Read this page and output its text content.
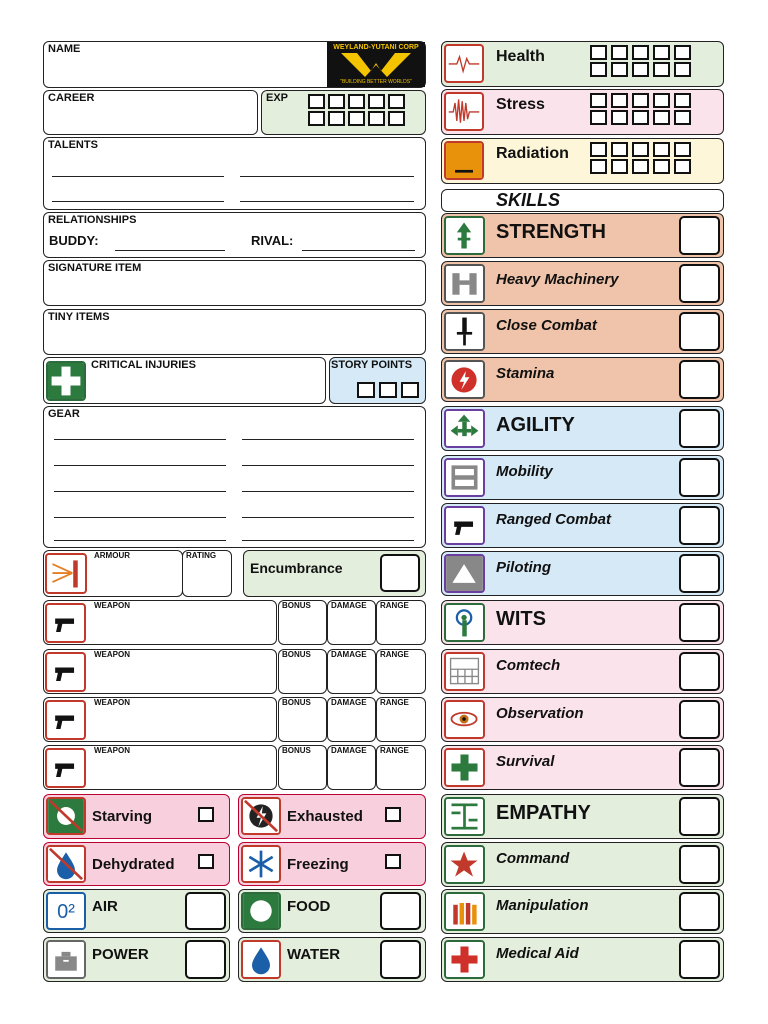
NAME	WEYLAND-YUTANI CORP
"BUILDING BETTER WORLDS"
CAREER	EXP
TALENTS
RELATIONSHIPS
BUDDY:	RIVAL:
SIGNATURE ITEM
TINY ITEMS
CRITICAL INJURIES	STORY POINTS
GEAR
ARMOUR	RATING
Encumbrance
WEAPON	BONUS	DAMAGE RANGE
WEAPON	BONUS	DAMAGE RANGE
WEAPON	BONUS	DAMAGE RANGE
WEAPON	BONUS	DAMAGE RANGE
Starving	Exhausted
Dehydrated	Freezing
0²	AIR	FOOD
POWER	WATER
Health
Stress
Radiation
SKILLS
STRENGTH
Heavy Machinery
Close Combat
Stamina
AGILITY
Mobility
Ranged Combat
Piloting
WITS
Comtech
Observation
Survival
EMPATHY
Command
Manipulation
Medical Aid
